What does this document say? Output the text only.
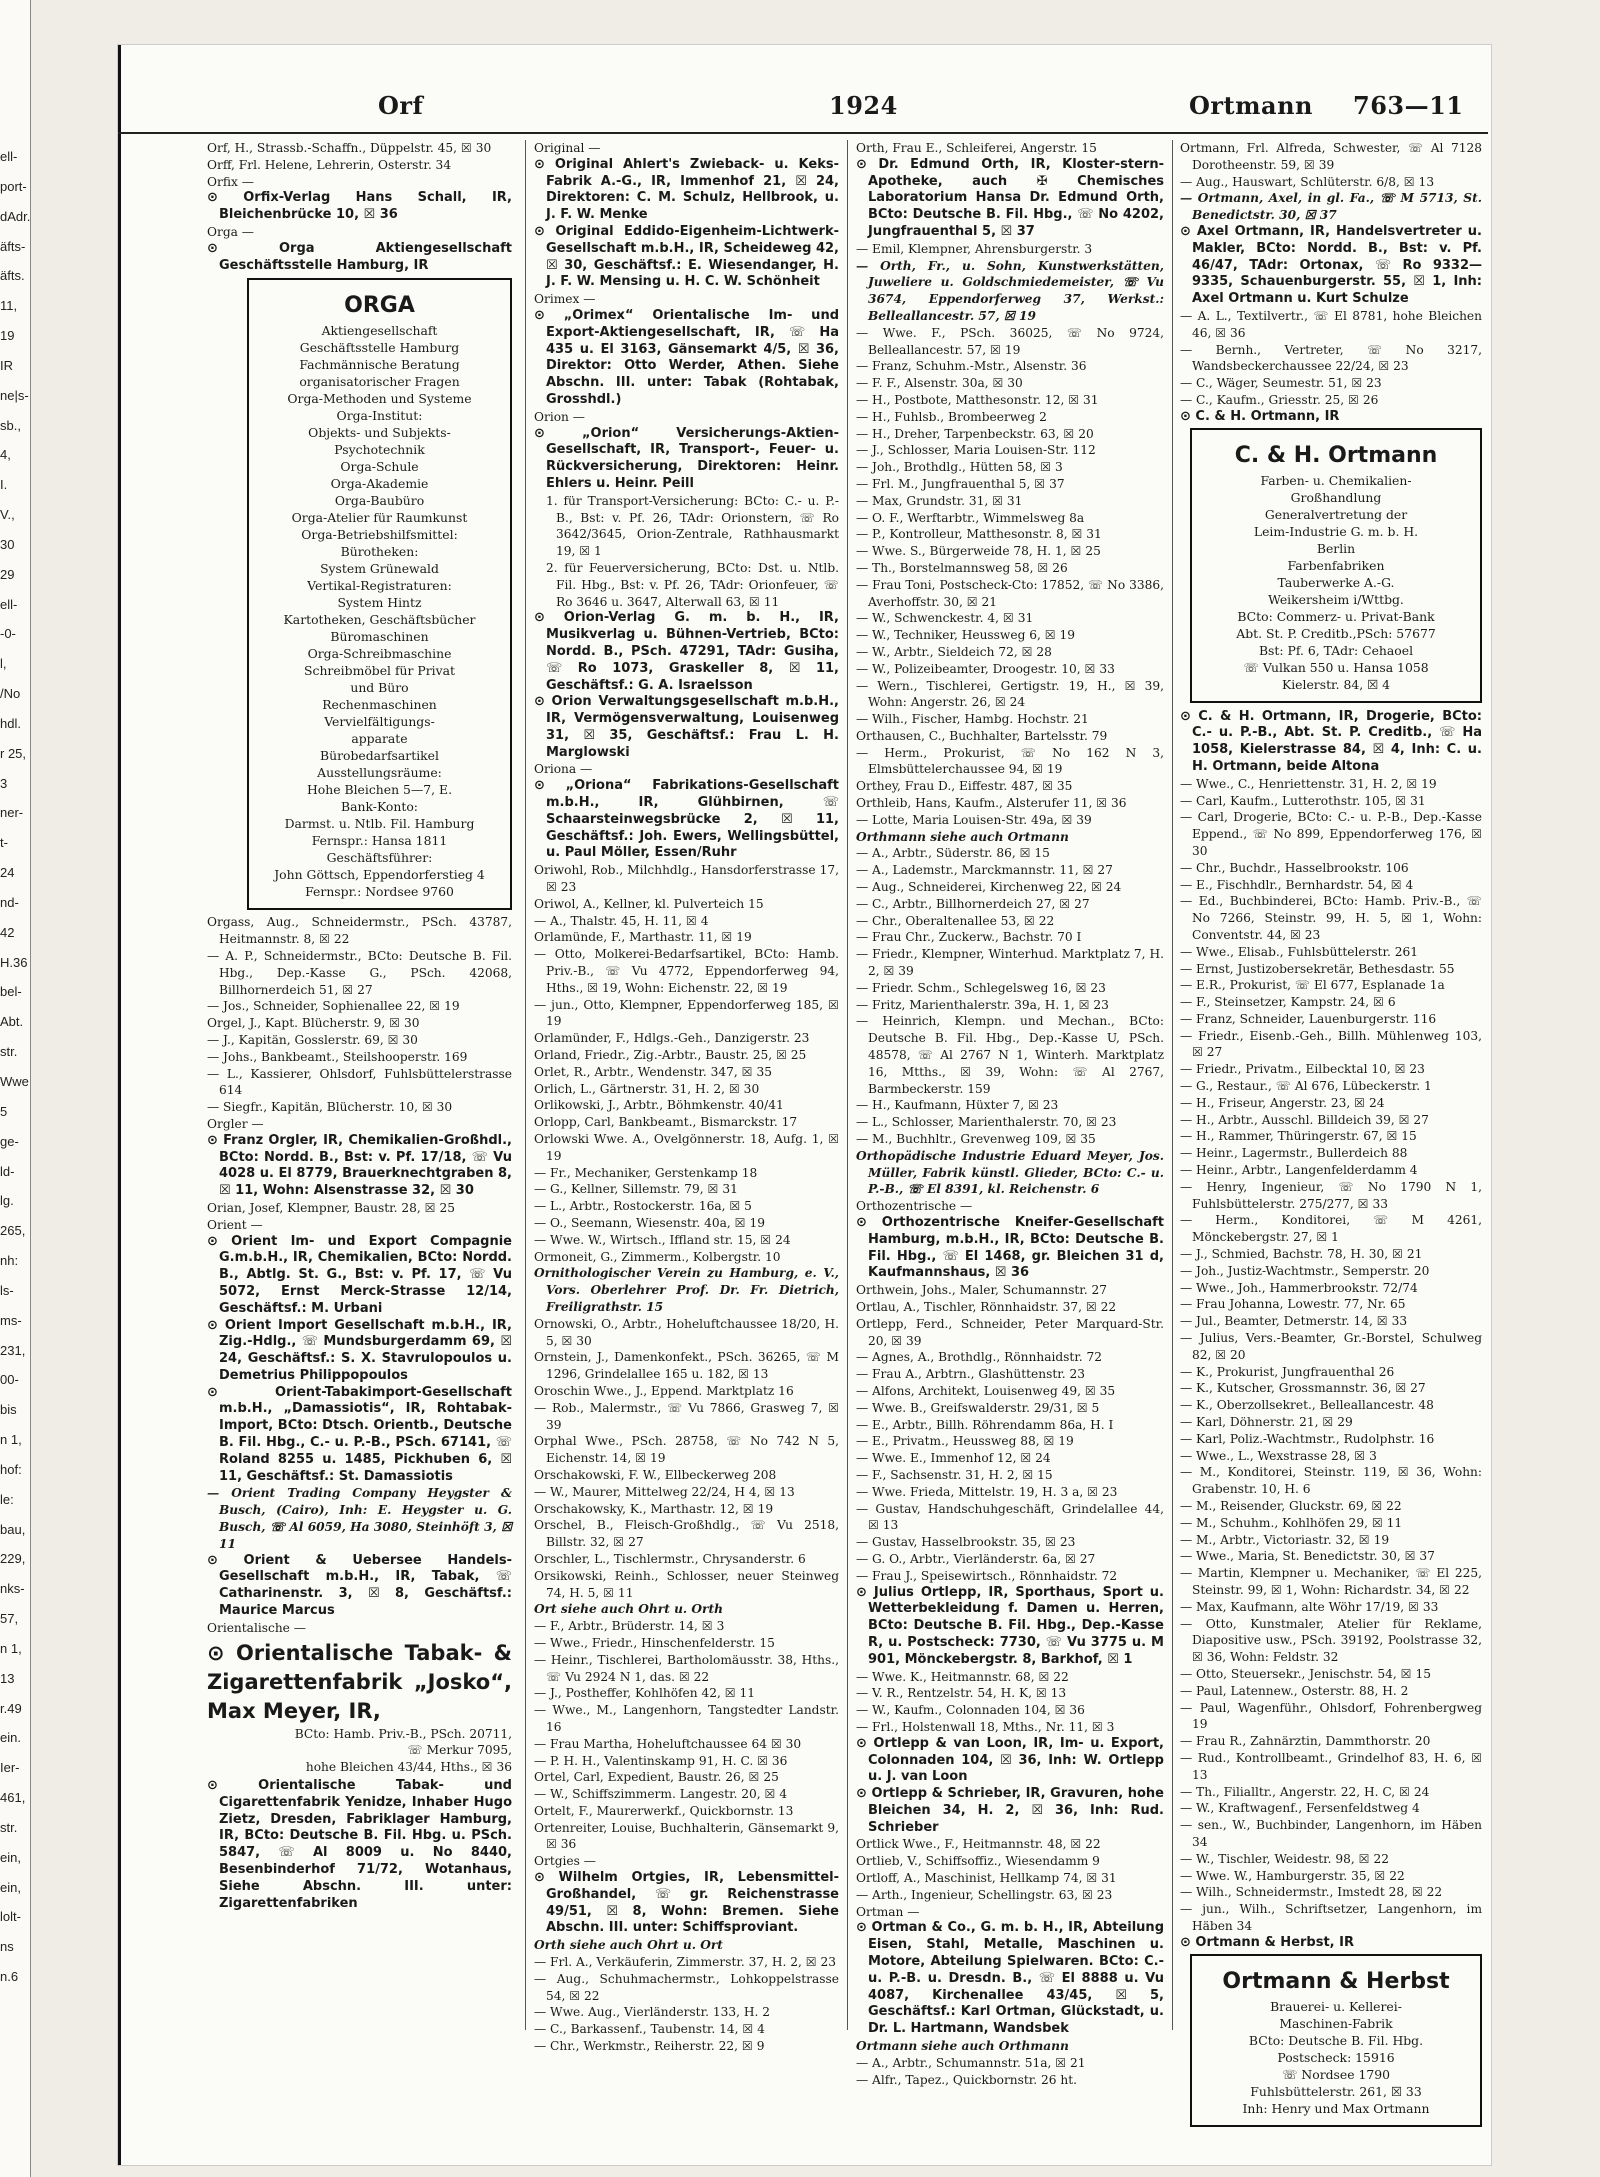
ell-
port-
dAdr.
äfts-
äfts.
11,
19
IR
ne|s-
sb.,
4,
I.
V.,
30
29
ell-
-0-
l,
/No
hdl.
r 25,
3
ner-
t-
24
nd-
42
H.36
bel-
Abt.
str.
Wwe
5
ge-
ld-
lg.
265,
nh:
ls-
ms-
231,
00-
bis
n 1,
hof:
le:
bau,
229,
nks-
57,
n 1,
13
r.49
ein.
Ier-
461,
str.
ein,
ein,
lolt-
ns
n.6
Orf	1924	Ortmann 763—11

Orf, H., Strassb.-Schaffn., Düppelstr. 45, ☒ 30

Orff, Frl. Helene, Lehrerin, Osterstr. 34

Orfix —

⊙ Orfix-Verlag Hans Schall, IR, Bleichenbrücke 10, ☒ 36

Orga —

⊙ Orga Aktiengesellschaft Geschäftsstelle Hamburg, IR

ORGA
Aktiengesellschaft
Geschäftsstelle Hamburg
Fachmännische Beratung
organisatorischer Fragen
Orga-Methoden und Systeme
Orga-Institut:
Objekts- und Subjekts-
Psychotechnik
Orga-Schule
Orga-Akademie
Orga-Baubüro
Orga-Atelier für Raumkunst
Orga-Betriebshilfsmittel:
Bürotheken:
System Grünewald
Vertikal-Registraturen:
System Hintz
Kartotheken, Geschäftsbücher
Büromaschinen
Orga-Schreibmaschine
Schreibmöbel für Privat
und Büro
Rechenmaschinen
Vervielfältigungs-
apparate
Bürobedarfsartikel
Ausstellungsräume:
Hohe Bleichen 5—7, E.
Bank-Konto:
Darmst. u. Ntlb. Fil. Hamburg
Fernspr.: Hansa 1811
Geschäftsführer:
John Göttsch, Eppendorferstieg 4
Fernspr.: Nordsee 9760

Orgass, Aug., Schneidermstr., PSch. 43787, Heitmannstr. 8, ☒ 22

— A. P., Schneidermstr., BCto: Deutsche B. Fil. Hbg., Dep.-Kasse G., PSch. 42068, Billhornerdeich 51, ☒ 27

— Jos., Schneider, Sophienallee 22, ☒ 19

Orgel, J., Kapt. Blücherstr. 9, ☒ 30

— J., Kapitän, Gosslerstr. 69, ☒ 30

— Johs., Bankbeamt., Steilshooperstr. 169

— L., Kassierer, Ohlsdorf, Fuhlsbüttelerstrasse 614

— Siegfr., Kapitän, Blücherstr. 10, ☒ 30

Orgler —

⊙ Franz Orgler, IR, Chemikalien-Großhdl., BCto: Nordd. B., Bst: v. Pf. 17/18, ☏ Vu 4028 u. El 8779, Brauerknechtgraben 8, ☒ 11, Wohn: Alsenstrasse 32, ☒ 30

Orian, Josef, Klempner, Baustr. 28, ☒ 25

Orient —

⊙ Orient Im- und Export Compagnie G.m.b.H., IR, Chemikalien, BCto: Nordd. B., Abtlg. St. G., Bst: v. Pf. 17, ☏ Vu 5072, Ernst Merck-Strasse 12/14, Geschäftsf.: M. Urbani

⊙ Orient Import Gesellschaft m.b.H., IR, Zig.-Hdlg., ☏ Mundsburgerdamm 69, ☒ 24, Geschäftsf.: S. X. Stavrulopoulos u. Demetrius Philippopoulos

⊙ Orient-Tabakimport-Gesellschaft m.b.H., „Damassiotis“, IR, Rohtabak-Import, BCto: Dtsch. Orientb., Deutsche B. Fil. Hbg., C.- u. P.-B., PSch. 67141, ☏ Roland 8255 u. 1485, Pickhuben 6, ☒ 11, Geschäftsf.: St. Damassiotis

— Orient Trading Company Heygster & Busch, (Cairo), Inh: E. Heygster u. G. Busch, ☏ Al 6059, Ha 3080, Steinhöft 3, ☒ 11

⊙ Orient & Uebersee Handels-Gesellschaft m.b.H., IR, Tabak, ☏ Catharinenstr. 3, ☒ 8, Geschäftsf.: Maurice Marcus

Orientalische —

⊙ Orientalische Tabak- & Zigarettenfabrik „Josko“, Max Meyer, IR,
BCto: Hamb. Priv.-B., PSch. 20711,
☏ Merkur 7095,
hohe Bleichen 43/44, Hths., ☒ 36

⊙ Orientalische Tabak- und Cigarettenfabrik Yenidze, Inhaber Hugo Zietz, Dresden, Fabriklager Hamburg, IR, BCto: Deutsche B. Fil. Hbg. u. PSch. 5847, ☏ Al 8009 u. No 8440, Besenbinderhof 71/72, Wotanhaus, Siehe Abschn. III. unter: Zigarettenfabriken

Original —

⊙ Original Ahlert's Zwieback- u. Keks-Fabrik A.-G., IR, Immenhof 21, ☒ 24, Direktoren: C. M. Schulz, Hellbrook, u. J. F. W. Menke

⊙ Original Eddido-Eigenheim-Lichtwerk-Gesellschaft m.b.H., IR, Scheideweg 42, ☒ 30, Geschäftsf.: E. Wiesendanger, H. J. F. W. Mensing u. H. C. W. Schönheit

Orimex —

⊙ „Orimex“ Orientalische Im- und Export-Aktiengesellschaft, IR, ☏ Ha 435 u. El 3163, Gänsemarkt 4/5, ☒ 36, Direktor: Otto Werder, Athen. Siehe Abschn. III. unter: Tabak (Rohtabak, Grosshdl.)

Orion —

⊙ „Orion“ Versicherungs-Aktien-Gesellschaft, IR, Transport-, Feuer- u. Rückversicherung, Direktoren: Heinr. Ehlers u. Heinr. Peill

1. für Transport-Versicherung: BCto: C.- u. P.-B., Bst: v. Pf. 26, TAdr: Orionstern, ☏ Ro 3642/3645, Orion-Zentrale, Rathhausmarkt 19, ☒ 1

2. für Feuerversicherung, BCto: Dst. u. Ntlb. Fil. Hbg., Bst: v. Pf. 26, TAdr: Orionfeuer, ☏ Ro 3646 u. 3647, Alterwall 63, ☒ 11

⊙ Orion-Verlag G. m. b. H., IR, Musikverlag u. Bühnen-Vertrieb, BCto: Nordd. B., PSch. 47291, TAdr: Gusiha, ☏ Ro 1073, Graskeller 8, ☒ 11, Geschäftsf.: G. A. Israelsson

⊙ Orion Verwaltungsgesellschaft m.b.H., IR, Vermögensverwaltung, Louisenweg 31, ☒ 35, Geschäftsf.: Frau L. H. Marglowski

Oriona —

⊙ „Oriona“ Fabrikations-Gesellschaft m.b.H., IR, Glühbirnen, ☏ Schaarsteinwegsbrücke 2, ☒ 11, Geschäftsf.: Joh. Ewers, Wellingsbüttel, u. Paul Möller, Essen/Ruhr

Oriwohl, Rob., Milchhdlg., Hansdorferstrasse 17, ☒ 23

Oriwol, A., Kellner, kl. Pulverteich 15

— A., Thalstr. 45, H. 11, ☒ 4

Orlamünde, F., Marthastr. 11, ☒ 19

— Otto, Molkerei-Bedarfsartikel, BCto: Hamb. Priv.-B., ☏ Vu 4772, Eppendorferweg 94, Hths., ☒ 19, Wohn: Eichenstr. 22, ☒ 19

— jun., Otto, Klempner, Eppendorferweg 185, ☒ 19

Orlamünder, F., Hdlgs.-Geh., Danzigerstr. 23

Orland, Friedr., Zig.-Arbtr., Baustr. 25, ☒ 25

Orlet, R., Arbtr., Wendenstr. 347, ☒ 35

Orlich, L., Gärtnerstr. 31, H. 2, ☒ 30

Orlikowski, J., Arbtr., Böhmkenstr. 40/41

Orlopp, Carl, Bankbeamt., Bismarckstr. 17

Orlowski Wwe. A., Ovelgönnerstr. 18, Aufg. 1, ☒ 19

— Fr., Mechaniker, Gerstenkamp 18

— G., Kellner, Sillemstr. 79, ☒ 31

— L., Arbtr., Rostockerstr. 16a, ☒ 5

— O., Seemann, Wiesenstr. 40a, ☒ 19

— Wwe. W., Wirtsch., Iffland str. 15, ☒ 24

Ormoneit, G., Zimmerm., Kolbergstr. 10

Ornithologischer Verein zu Hamburg, e. V., Vors. Oberlehrer Prof. Dr. Fr. Dietrich, Freiligrathstr. 15

Ornowski, O., Arbtr., Hoheluftchaussee 18/20, H. 5, ☒ 30

Ornstein, J., Damenkonfekt., PSch. 36265, ☏ M 1296, Grindelallee 165 u. 182, ☒ 13

Oroschin Wwe., J., Eppend. Marktplatz 16

— Rob., Malermstr., ☏ Vu 7866, Grasweg 7, ☒ 39

Orphal Wwe., PSch. 28758, ☏ No 742 N 5, Eichenstr. 14, ☒ 19

Orschakowski, F. W., Ellbeckerweg 208

— W., Maurer, Mittelweg 22/24, H 4, ☒ 13

Orschakowsky, K., Marthastr. 12, ☒ 19

Orschel, B., Fleisch-Großhdlg., ☏ Vu 2518, Billstr. 32, ☒ 27

Orschler, L., Tischlermstr., Chrysanderstr. 6

Orsikowski, Reinh., Schlosser, neuer Steinweg 74, H. 5, ☒ 11

Ort siehe auch Ohrt u. Orth

— F., Arbtr., Brüderstr. 14, ☒ 3

— Wwe., Friedr., Hinschenfelderstr. 15

— Heinr., Tischlerei, Bartholomäusstr. 38, Hths., ☏ Vu 2924 N 1, das. ☒ 22

— J., Postheffer, Kohlhöfen 42, ☒ 11

— Wwe., M., Langenhorn, Tangstedter Landstr. 16

— Frau Martha, Hoheluftchaussee 64 ☒ 30

— P. H. H., Valentinskamp 91, H. C. ☒ 36

Ortel, Carl, Expedient, Baustr. 26, ☒ 25

— W., Schiffszimmerm. Langestr. 20, ☒ 4

Ortelt, F., Maurerwerkf., Quickbornstr. 13

Ortenreiter, Louise, Buchhalterin, Gänsemarkt 9, ☒ 36

Ortgies —

⊙ Wilhelm Ortgies, IR, Lebensmittel-Großhandel, ☏ gr. Reichenstrasse 49/51, ☒ 8, Wohn: Bremen. Siehe Abschn. III. unter: Schiffsproviant.

Orth siehe auch Ohrt u. Ort

— Frl. A., Verkäuferin, Zimmerstr. 37, H. 2, ☒ 23

— Aug., Schuhmachermstr., Lohkoppelstrasse 54, ☒ 22

— Wwe. Aug., Vierländerstr. 133, H. 2

— C., Barkassenf., Taubenstr. 14, ☒ 4

— Chr., Werkmstr., Reiherstr. 22, ☒ 9

Orth, Frau E., Schleiferei, Angerstr. 15

⊙ Dr. Edmund Orth, IR, Kloster-stern-Apotheke, auch ✠ Chemisches Laboratorium Hansa Dr. Edmund Orth, BCto: Deutsche B. Fil. Hbg., ☏ No 4202, Jungfrauenthal 5, ☒ 37

— Emil, Klempner, Ahrensburgerstr. 3

— Orth, Fr., u. Sohn, Kunstwerkstätten, Juweliere u. Goldschmiedemeister, ☏ Vu 3674, Eppendorferweg 37, Werkst.: Belleallancestr. 57, ☒ 19

— Wwe. F., PSch. 36025, ☏ No 9724, Belleallancestr. 57, ☒ 19

— Franz, Schuhm.-Mstr., Alsenstr. 36

— F. F., Alsenstr. 30a, ☒ 30

— H., Postbote, Matthesonstr. 12, ☒ 31

— H., Fuhlsb., Brombeerweg 2

— H., Dreher, Tarpenbeckstr. 63, ☒ 20

— J., Schlosser, Maria Louisen-Str. 112

— Joh., Brothdlg., Hütten 58, ☒ 3

— Frl. M., Jungfrauenthal 5, ☒ 37

— Max, Grundstr. 31, ☒ 31

— O. F., Werftarbtr., Wimmelsweg 8a

— P., Kontrolleur, Matthesonstr. 8, ☒ 31

— Wwe. S., Bürgerweide 78, H. 1, ☒ 25

— Th., Borstelmannsweg 58, ☒ 26

— Frau Toni, Postscheck-Cto: 17852, ☏ No 3386, Averhoffstr. 30, ☒ 21

— W., Schwenckestr. 4, ☒ 31

— W., Techniker, Heussweg 6, ☒ 19

— W., Arbtr., Sieldeich 72, ☒ 28

— W., Polizeibeamter, Droogestr. 10, ☒ 33

— Wern., Tischlerei, Gertigstr. 19, H., ☒ 39, Wohn: Angerstr. 26, ☒ 24

— Wilh., Fischer, Hambg. Hochstr. 21

Orthausen, C., Buchhalter, Bartelsstr. 79

— Herm., Prokurist, ☏ No 162 N 3, Elmsbüttelerchaussee 94, ☒ 19

Orthey, Frau D., Eiffestr. 487, ☒ 35

Orthleib, Hans, Kaufm., Alsterufer 11, ☒ 36

— Lotte, Maria Louisen-Str. 49a, ☒ 39

Orthmann siehe auch Ortmann

— A., Arbtr., Süderstr. 86, ☒ 15

— A., Lademstr., Marckmannstr. 11, ☒ 27

— Aug., Schneiderei, Kirchenweg 22, ☒ 24

— C., Arbtr., Billhornerdeich 27, ☒ 27

— Chr., Oberaltenallee 53, ☒ 22

— Frau Chr., Zuckerw., Bachstr. 70 I

— Friedr., Klempner, Winterhud. Marktplatz 7, H. 2, ☒ 39

— Friedr. Schm., Schlegelsweg 16, ☒ 23

— Fritz, Marienthalerstr. 39a, H. 1, ☒ 23

— Heinrich, Klempn. und Mechan., BCto: Deutsche B. Fil. Hbg., Dep.-Kasse U, PSch. 48578, ☏ Al 2767 N 1, Winterh. Marktplatz 16, Mtths., ☒ 39, Wohn: ☏ Al 2767, Barmbeckerstr. 159

— H., Kaufmann, Hüxter 7, ☒ 23

— L., Schlosser, Marienthalerstr. 70, ☒ 23

— M., Buchhltr., Grevenweg 109, ☒ 35

Orthopädische Industrie Eduard Meyer, Jos. Müller, Fabrik künstl. Glieder, BCto: C.- u. P.-B., ☏ El 8391, kl. Reichenstr. 6

Orthozentrische —

⊙ Orthozentrische Kneifer-Gesellschaft Hamburg, m.b.H., IR, BCto: Deutsche B. Fil. Hbg., ☏ El 1468, gr. Bleichen 31 d, Kaufmannshaus, ☒ 36

Orthwein, Johs., Maler, Schumannstr. 27

Ortlau, A., Tischler, Rönnhaidstr. 37, ☒ 22

Ortlepp, Ferd., Schneider, Peter Marquard-Str. 20, ☒ 39

— Agnes, A., Brothdlg., Rönnhaidstr. 72

— Frau A., Arbtrn., Glashüttenstr. 23

— Alfons, Architekt, Louisenweg 49, ☒ 35

— Wwe. B., Greifswalderstr. 29/31, ☒ 5

— E., Arbtr., Billh. Röhrendamm 86a, H. I

— E., Privatm., Heussweg 88, ☒ 19

— Wwe. E., Immenhof 12, ☒ 24

— F., Sachsenstr. 31, H. 2, ☒ 15

— Wwe. Frieda, Mittelstr. 19, H. 3 a, ☒ 23

— Gustav, Handschuhgeschäft, Grindelallee 44, ☒ 13

— Gustav, Hasselbrookstr. 35, ☒ 23

— G. O., Arbtr., Vierländerstr. 6a, ☒ 27

— Frau J., Speisewirtsch., Rönnhaidstr. 72

⊙ Julius Ortlepp, IR, Sporthaus, Sport u. Wetterbekleidung f. Damen u. Herren, BCto: Deutsche B. Fil. Hbg., Dep.-Kasse R, u. Postscheck: 7730, ☏ Vu 3775 u. M 901, Mönckebergstr. 8, Barkhof, ☒ 1

— Wwe. K., Heitmannstr. 68, ☒ 22

— V. R., Rentzelstr. 54, H. K, ☒ 13

— W., Kaufm., Colonnaden 104, ☒ 36

— Frl., Holstenwall 18, Mths., Nr. 11, ☒ 3

⊙ Ortlepp & van Loon, IR, Im- u. Export, Colonnaden 104, ☒ 36, Inh: W. Ortlepp u. J. van Loon

⊙ Ortlepp & Schrieber, IR, Gravuren, hohe Bleichen 34, H. 2, ☒ 36, Inh: Rud. Schrieber

Ortlick Wwe., F., Heitmannstr. 48, ☒ 22

Ortlieb, V., Schiffsoffiz., Wiesendamm 9

Ortloff, A., Maschinist, Hellkamp 74, ☒ 31

— Arth., Ingenieur, Schellingstr. 63, ☒ 23

Ortman —

⊙ Ortman & Co., G. m. b. H., IR, Abteilung Eisen, Stahl, Metalle, Maschinen u. Motore, Abteilung Spielwaren. BCto: C.- u. P.-B. u. Dresdn. B., ☏ El 8888 u. Vu 4087, Kirchenallee 43/45, ☒ 5, Geschäftsf.: Karl Ortman, Glückstadt, u. Dr. L. Hartmann, Wandsbek

Ortmann siehe auch Orthmann

— A., Arbtr., Schumannstr. 51a, ☒ 21

— Alfr., Tapez., Quickbornstr. 26 ht.

Ortmann, Frl. Alfreda, Schwester, ☏ Al 7128 Dorotheenstr. 59, ☒ 39

— Aug., Hauswart, Schlüterstr. 6/8, ☒ 13

— Ortmann, Axel, in gl. Fa., ☏ M 5713, St. Benedictstr. 30, ☒ 37

⊙ Axel Ortmann, IR, Handelsvertreter u. Makler, BCto: Nordd. B., Bst: v. Pf. 46/47, TAdr: Ortonax, ☏ Ro 9332—9335, Schauenburgerstr. 55, ☒ 1, Inh: Axel Ortmann u. Kurt Schulze

— A. L., Textilvertr., ☏ El 8781, hohe Bleichen 46, ☒ 36

— Bernh., Vertreter, ☏ No 3217, Wandsbeckerchaussee 22/24, ☒ 23

— C., Wäger, Seumestr. 51, ☒ 23

— C., Kaufm., Griesstr. 25, ☒ 26

⊙ C. & H. Ortmann, IR

C. & H. Ortmann
Farben- u. Chemikalien-
Großhandlung
Generalvertretung der
Leim-Industrie G. m. b. H.
Berlin
Farbenfabriken
Tauberwerke A.-G.
Weikersheim i/Wttbg.
BCto: Commerz- u. Privat-Bank
Abt. St. P. Creditb.,PSch: 57677
Bst: Pf. 6, TAdr: Cehaoel
☏ Vulkan 550 u. Hansa 1058
Kielerstr. 84, ☒ 4

⊙ C. & H. Ortmann, IR, Drogerie, BCto: C.- u. P.-B., Abt. St. P. Creditb., ☏ Ha 1058, Kielerstrasse 84, ☒ 4, Inh: C. u. H. Ortmann, beide Altona

— Wwe., C., Henriettenstr. 31, H. 2, ☒ 19

— Carl, Kaufm., Lutterothstr. 105, ☒ 31

— Carl, Drogerie, BCto: C.- u. P.-B., Dep.-Kasse Eppend., ☏ No 899, Eppendorferweg 176, ☒ 30

— Chr., Buchdr., Hasselbrookstr. 106

— E., Fischhdlr., Bernhardstr. 54, ☒ 4

— Ed., Buchbinderei, BCto: Hamb. Priv.-B., ☏ No 7266, Steinstr. 99, H. 5, ☒ 1, Wohn: Conventstr. 44, ☒ 23

— Wwe., Elisab., Fuhlsbüttelerstr. 261

— Ernst, Justizobersekretär, Bethesdastr. 55

— E.R., Prokurist, ☏ El 677, Esplanade 1a

— F., Steinsetzer, Kampstr. 24, ☒ 6

— Franz, Schneider, Lauenburgerstr. 116

— Friedr., Eisenb.-Geh., Billh. Mühlenweg 103, ☒ 27

— Friedr., Privatm., Eilbecktal 10, ☒ 23

— G., Restaur., ☏ Al 676, Lübeckerstr. 1

— H., Friseur, Angerstr. 23, ☒ 24

— H., Arbtr., Ausschl. Billdeich 39, ☒ 27

— H., Rammer, Thüringerstr. 67, ☒ 15

— Heinr., Lagermstr., Bullerdeich 88

— Heinr., Arbtr., Langenfelderdamm 4

— Henry, Ingenieur, ☏ No 1790 N 1, Fuhlsbüttelerstr. 275/277, ☒ 33

— Herm., Konditorei, ☏ M 4261, Mönckebergstr. 27, ☒ 1

— J., Schmied, Bachstr. 78, H. 30, ☒ 21

— Joh., Justiz-Wachtmstr., Semperstr. 20

— Wwe., Joh., Hammerbrookstr. 72/74

— Frau Johanna, Lowestr. 77, Nr. 65

— Jul., Beamter, Detmerstr. 14, ☒ 33

— Julius, Vers.-Beamter, Gr.-Borstel, Schulweg 82, ☒ 20

— K., Prokurist, Jungfrauenthal 26

— K., Kutscher, Grossmannstr. 36, ☒ 27

— K., Oberzollsekret., Belleallancestr. 48

— Karl, Döhnerstr. 21, ☒ 29

— Karl, Poliz.-Wachtmstr., Rudolphstr. 16

— Wwe., L., Wexstrasse 28, ☒ 3

— M., Konditorei, Steinstr. 119, ☒ 36, Wohn: Grabenstr. 10, H. 6

— M., Reisender, Gluckstr. 69, ☒ 22

— M., Schuhm., Kohlhöfen 29, ☒ 11

— M., Arbtr., Victoriastr. 32, ☒ 19

— Wwe., Maria, St. Benedictstr. 30, ☒ 37

— Martin, Klempner u. Mechaniker, ☏ El 225, Steinstr. 99, ☒ 1, Wohn: Richardstr. 34, ☒ 22

— Max, Kaufmann, alte Wöhr 17/19, ☒ 33

— Otto, Kunstmaler, Atelier für Reklame, Diapositive usw., PSch. 39192, Poolstrasse 32, ☒ 36, Wohn: Feldstr. 32

— Otto, Steuersekr., Jenischstr. 54, ☒ 15

— Paul, Latennew., Osterstr. 88, H. 2

— Paul, Wagenführ., Ohlsdorf, Fohrenbergweg 19

— Frau R., Zahnärztin, Dammthorstr. 20

— Rud., Kontrollbeamt., Grindelhof 83, H. 6, ☒ 13

— Th., Filialltr., Angerstr. 22, H. C, ☒ 24

— W., Kraftwagenf., Fersenfeldstweg 4

— sen., W., Buchbinder, Langenhorn, im Häben 34

— W., Tischler, Weidestr. 98, ☒ 22

— Wwe. W., Hamburgerstr. 35, ☒ 22

— Wilh., Schneidermstr., Imstedt 28, ☒ 22

— jun., Wilh., Schriftsetzer, Langenhorn, im Häben 34

⊙ Ortmann & Herbst, IR

Ortmann & Herbst
Brauerei- u. Kellerei-
Maschinen-Fabrik
BCto: Deutsche B. Fil. Hbg.
Postscheck: 15916
☏ Nordsee 1790
Fuhlsbüttelerstr. 261, ☒ 33
Inh: Henry und Max Ortmann
